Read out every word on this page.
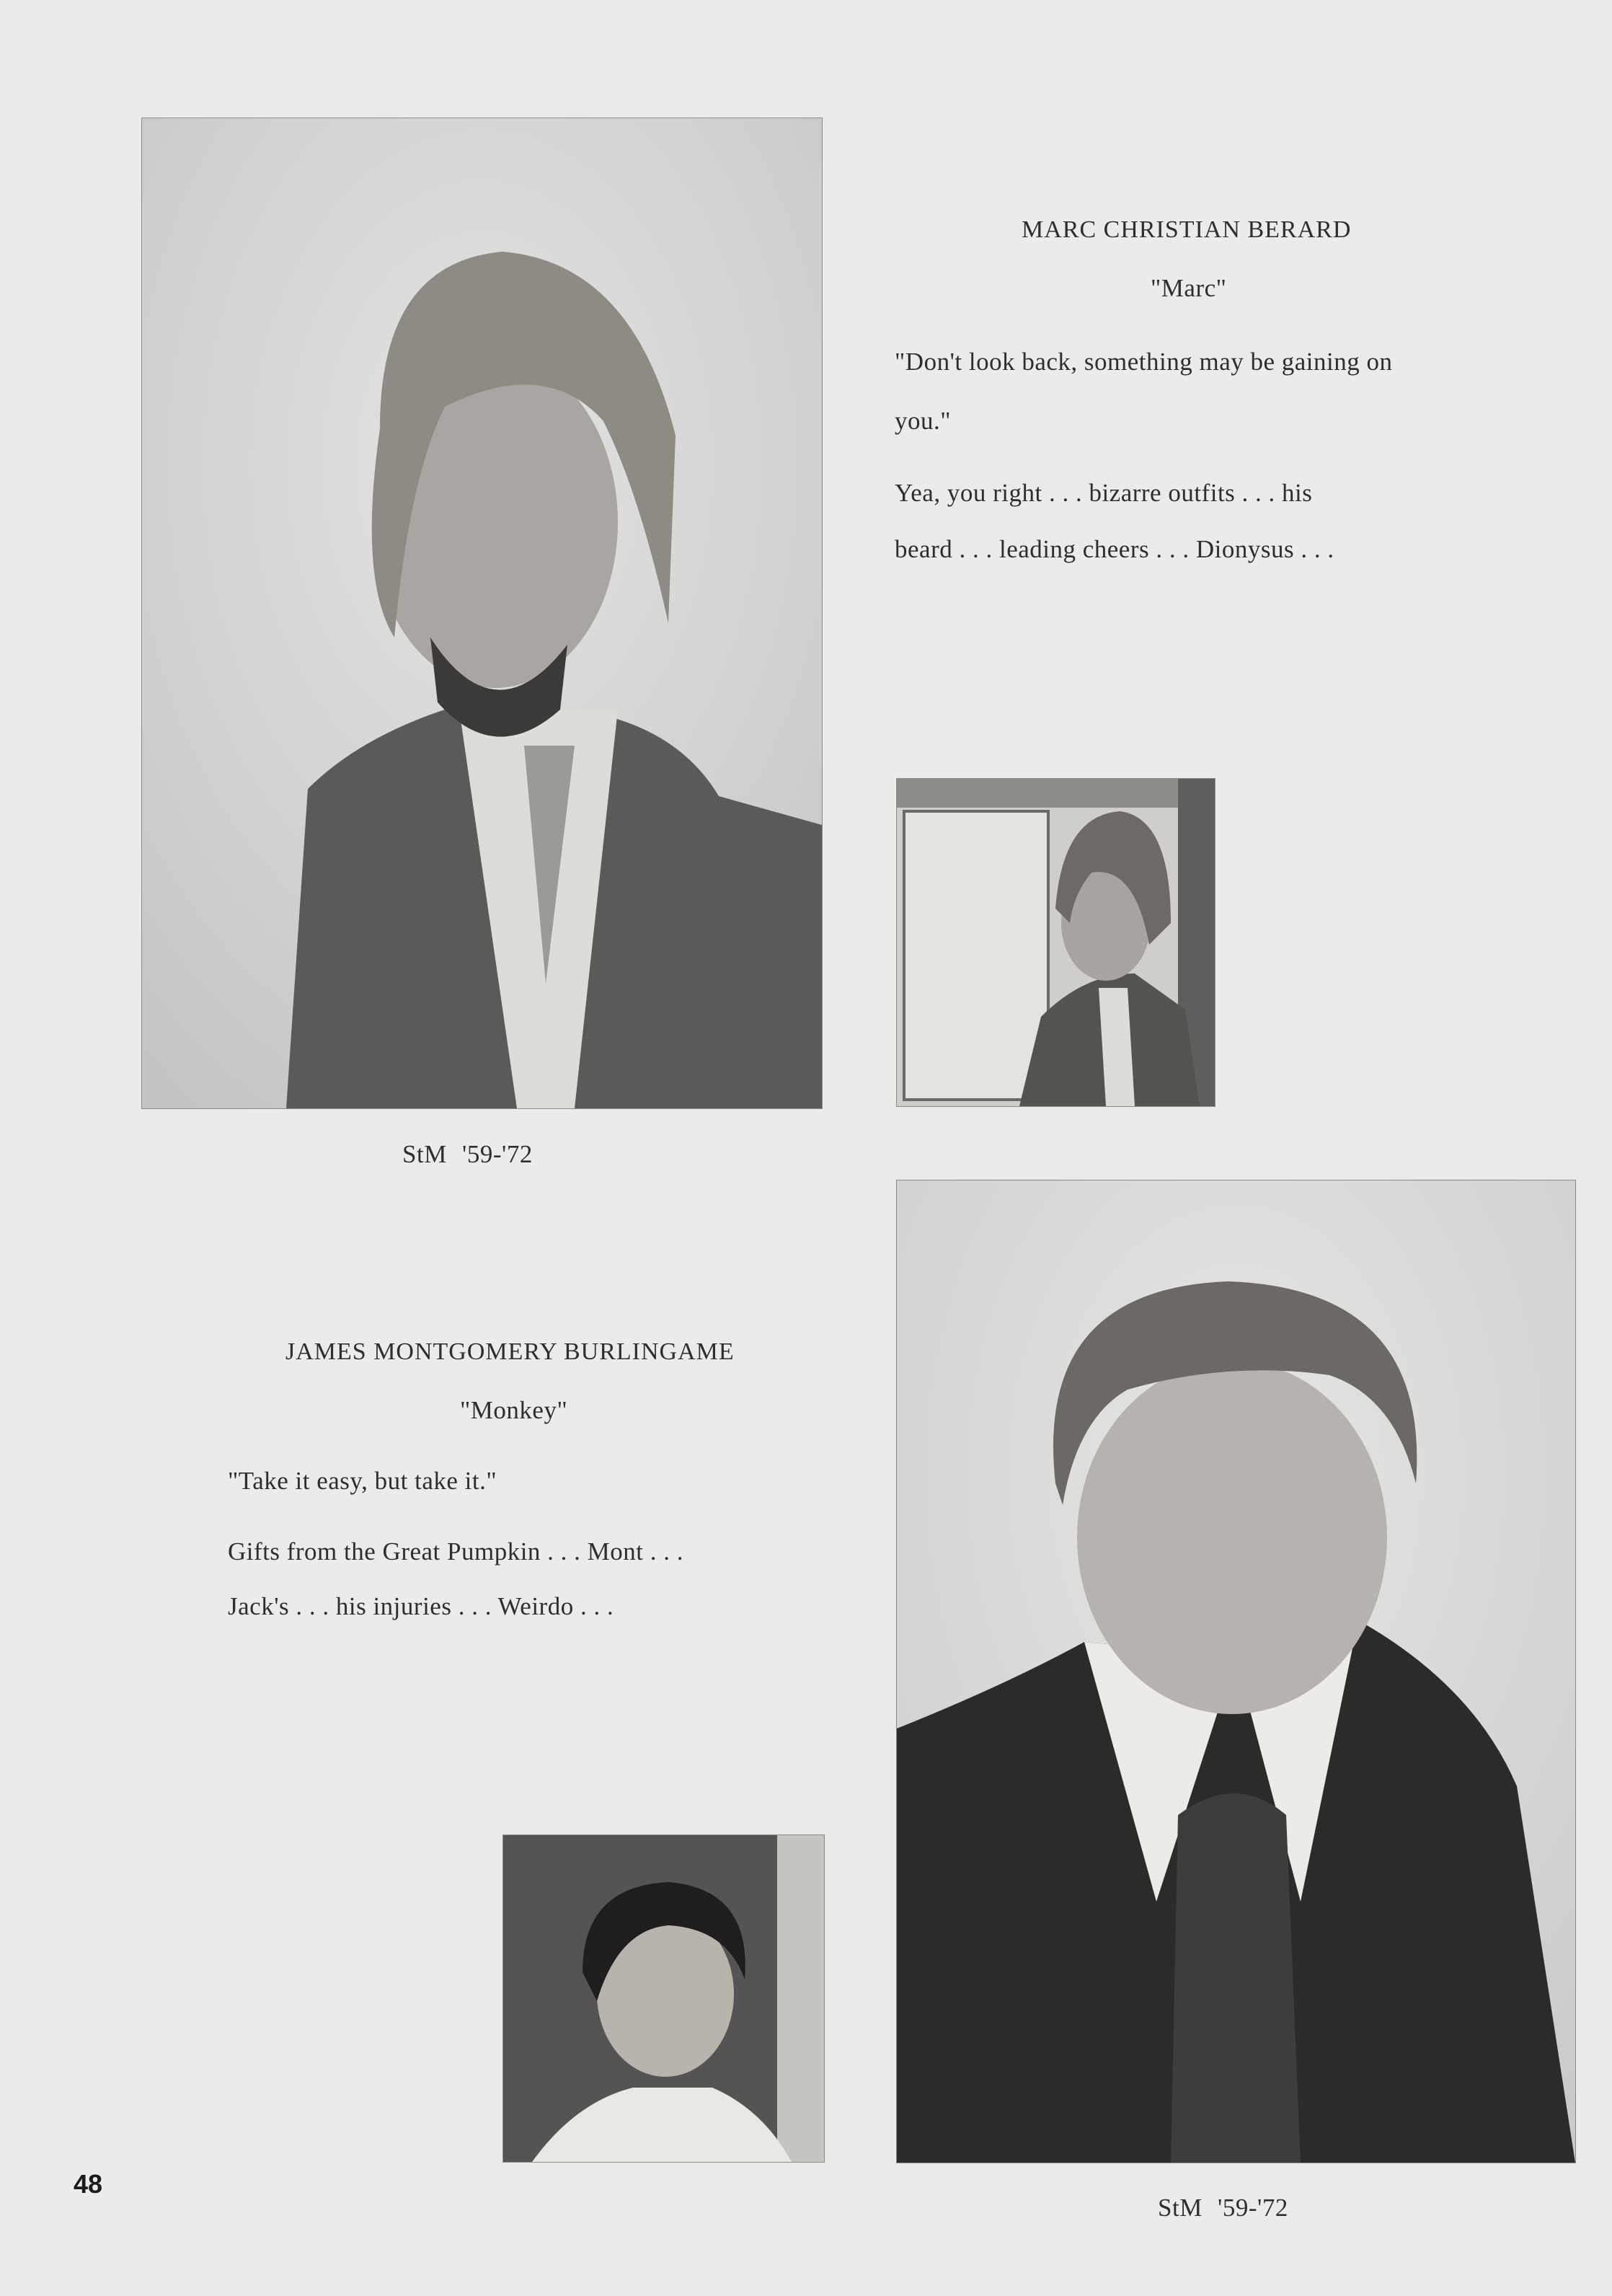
MARC CHRISTIAN BERARD
"Marc"
"Don't look back, something may be gaining on
you."
Yea, you right . . . bizarre outfits . . . his
beard . . . leading cheers . . . Dionysus . . .
StM '59-'72
JAMES MONTGOMERY BURLINGAME
"Monkey"
"Take it easy, but take it."
Gifts from the Great Pumpkin . . . Mont . . .
Jack's . . . his injuries . . . Weirdo . . .
StM '59-'72
48
